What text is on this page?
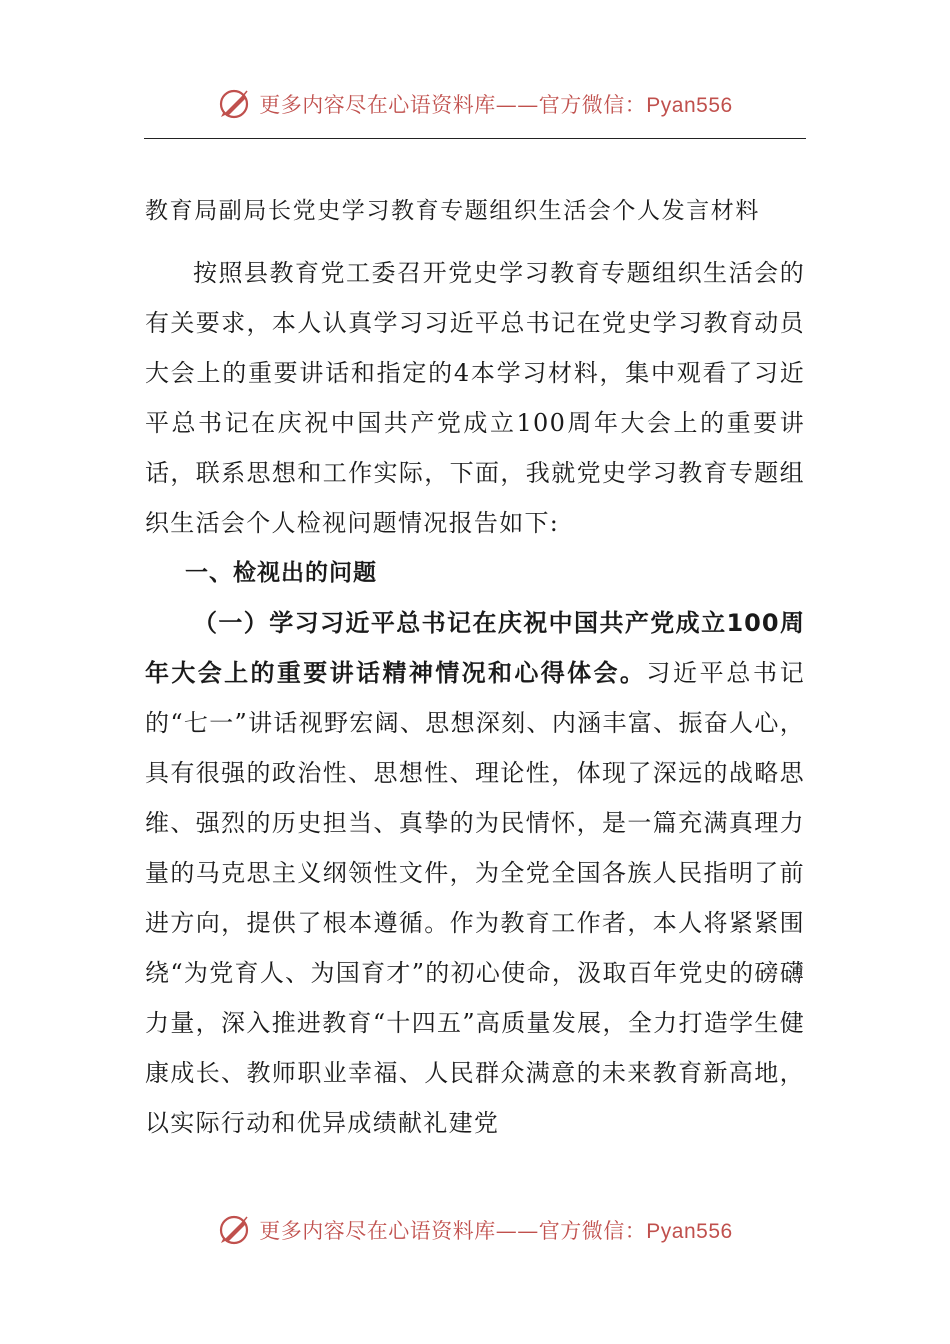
更多内容尽在心语资料库——官方微信：Pyan556
教育局副局长党史学习教育专题组织生活会个人发言材料

按照县教育党工委召开党史学习教育专题组织生活会的有关要求，本人认真学习习近平总书记在党史学习教育动员大会上的重要讲话和指定的4本学习材料，集中观看了习近平总书记在庆祝中国共产党成立100周年大会上的重要讲话，联系思想和工作实际，下面，我就党史学习教育专题组织生活会个人检视问题情况报告如下:

一、检视出的问题

（一）学习习近平总书记在庆祝中国共产党成立100周年大会上的重要讲话精神情况和心得体会。习近平总书记的“七一”讲话视野宏阔、思想深刻、内涵丰富、振奋人心，具有很强的政治性、思想性、理论性，体现了深远的战略思维、强烈的历史担当、真挚的为民情怀，是一篇充满真理力量的马克思主义纲领性文件，为全党全国各族人民指明了前进方向，提供了根本遵循。作为教育工作者，本人将紧紧围绕“为党育人、为国育才”的初心使命，汲取百年党史的磅礴力量，深入推进教育“十四五”高质量发展，全力打造学生健康成长、教师职业幸福、人民群众满意的未来教育新高地，以实际行动和优异成绩献礼建党

更多内容尽在心语资料库——官方微信：Pyan556
